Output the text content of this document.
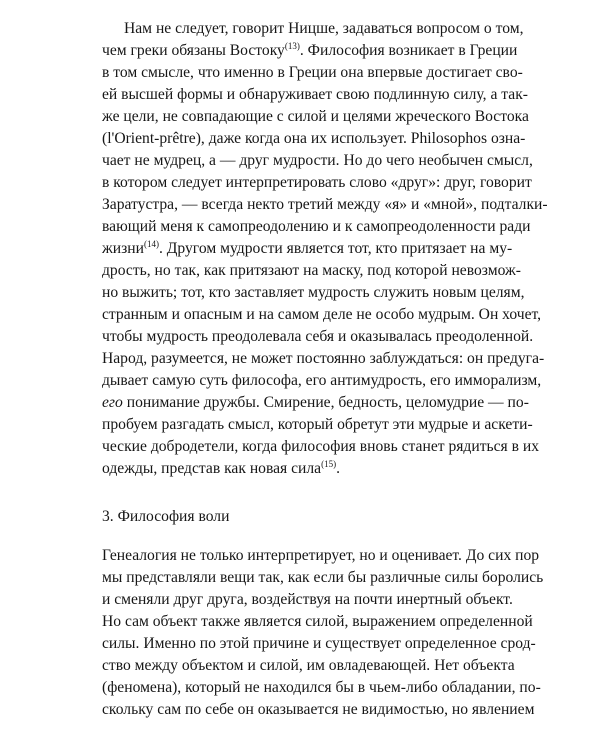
Нам не следует, говорит Ницше, задаваться вопросом о том,
чем греки обязаны Востоку$^{(13)}$. Философия возникает в Греции
в том смысле, что именно в Греции она впервые достигает сво-
ей высшей формы и обнаруживает свою подлинную силу, а так-
же цели, не совпадающие с силой и целями жреческого Востока
(l'Orient-prêtre), даже когда она их использует. Philosophos озна-
чает не мудрец, а — друг мудрости. Но до чего необычен смысл,
в котором следует интерпретировать слово «друг»: друг, говорит
Заратустра, — всегда некто третий между «я» и «мной», подталки-
вающий меня к самопреодолению и к самопреодоленности ради
жизни$^{(14)}$. Другом мудрости является тот, кто притязает на му-
дрость, но так, как притязают на маску, под которой невозмож-
но выжить; тот, кто заставляет мудрость служить новым целям,
странным и опасным и на самом деле не особо мудрым. Он хочет,
чтобы мудрость преодолевала себя и оказывалась преодоленной.
Народ, разумеется, не может постоянно заблуждаться: он предуга-
дывает самую суть философа, его антимудрость, его имморализм,
его понимание дружбы. Смирение, бедность, целомудрие — по-
пробуем разгадать смысл, который обретут эти мудрые и аскети-
ческие добродетели, когда философия вновь станет рядиться в их
одежды, представ как новая сила$^{(15)}$.
3. Философия воли
Генеалогия не только интерпретирует, но и оценивает. До сих пор
мы представляли вещи так, как если бы различные силы боролись
и сменяли друг друга, воздействуя на почти инертный объект.
Но сам объект также является силой, выражением определенной
силы. Именно по этой причине и существует определенное срод-
ство между объектом и силой, им овладевающей. Нет объекта
(феномена), который не находился бы в чьем-либо обладании, по-
скольку сам по себе он оказывается не видимостью, но явлением
